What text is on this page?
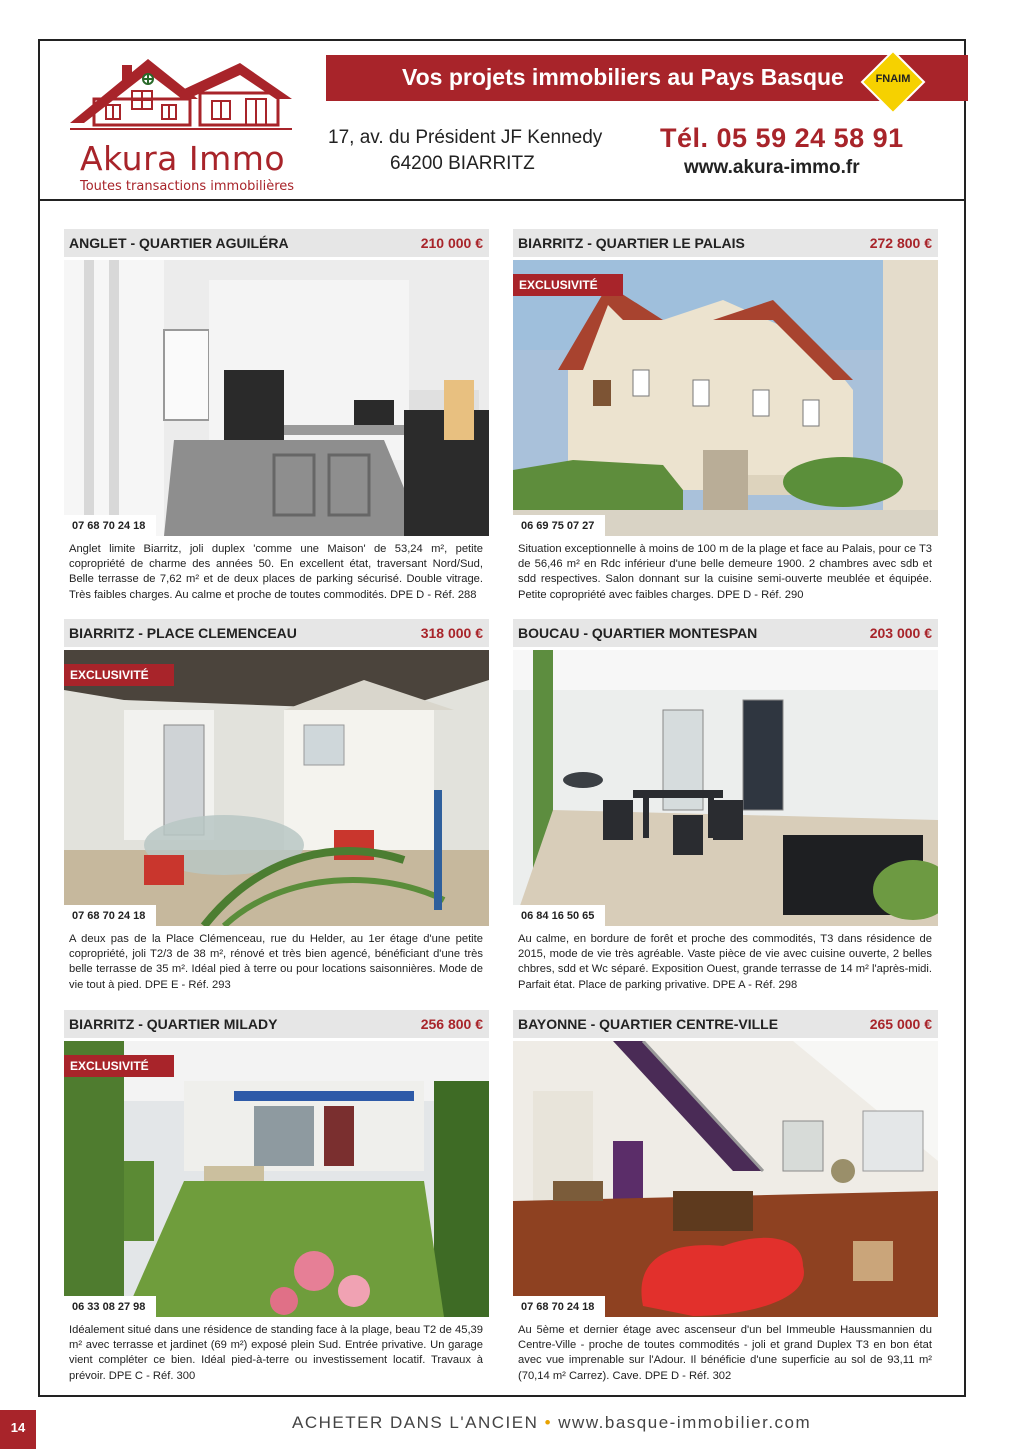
Akura Immo
Toutes transactions immobilières
Vos projets immobiliers au Pays Basque	FNAIM
17, av. du Président JF Kennedy
64200 BIARRITZ
Tél. 05 59 24 58 91
www.akura-immo.fr
ANGLET - QUARTIER AGUILÉRA	210 000 €
07 68 70 24 18
Anglet limite Biarritz, joli duplex 'comme une Maison' de 53,24 m², petite copropriété de charme des années 50. En excellent état, traversant Nord/Sud, Belle terrasse de 7,62 m² et de deux places de parking sécurisé. Double vitrage. Très faibles charges. Au calme et proche de toutes commodités. DPE D - Réf. 288
BIARRITZ - QUARTIER LE PALAIS	272 800 €
EXCLUSIVITÉ
06 69 75 07 27
Situation exceptionnelle à moins de 100 m de la plage et face au Palais, pour ce T3 de 56,46 m² en Rdc inférieur d'une belle demeure 1900. 2 chambres avec sdb et sdd respectives. Salon donnant sur la cuisine semi-ouverte meublée et équipée. Petite copropriété avec faibles charges. DPE D - Réf. 290
BIARRITZ - PLACE CLEMENCEAU	318 000 €
EXCLUSIVITÉ
07 68 70 24 18
A deux pas de la Place Clémenceau, rue du Helder, au 1er étage d'une petite copropriété, joli T2/3 de 38 m², rénové et très bien agencé, bénéficiant d'une très belle terrasse de 35 m². Idéal pied à terre ou pour locations saisonnières. Mode de vie tout à pied. DPE E - Réf. 293
BOUCAU - QUARTIER MONTESPAN	203 000 €
06 84 16 50 65
Au calme, en bordure de forêt et proche des commodités, T3 dans résidence de 2015, mode de vie très agréable. Vaste pièce de vie avec cuisine ouverte, 2 belles chbres, sdd et Wc séparé. Exposition Ouest, grande terrasse de 14 m² l'après-midi. Parfait état. Place de parking privative. DPE A - Réf. 298
BIARRITZ - QUARTIER MILADY	256 800 €
EXCLUSIVITÉ
06 33 08 27 98
Idéalement situé dans une résidence de standing face à la plage, beau T2 de 45,39 m² avec terrasse et jardinet (69 m²) exposé plein Sud. Entrée privative. Un garage vient compléter ce bien. Idéal pied-à-terre ou investissement locatif. Travaux à prévoir. DPE C - Réf. 300
BAYONNE - QUARTIER CENTRE-VILLE	265 000 €
07 68 70 24 18
Au 5ème et dernier étage avec ascenseur d'un bel Immeuble Haussmannien du Centre-Ville - proche de toutes commodités - joli et grand Duplex T3 en bon état avec vue imprenable sur l'Adour. Il bénéficie d'une superficie au sol de 93,11 m² (70,14 m² Carrez). Cave. DPE D - Réf. 302
14	ACHETER DANS L'ANCIEN • www.basque-immobilier.com
